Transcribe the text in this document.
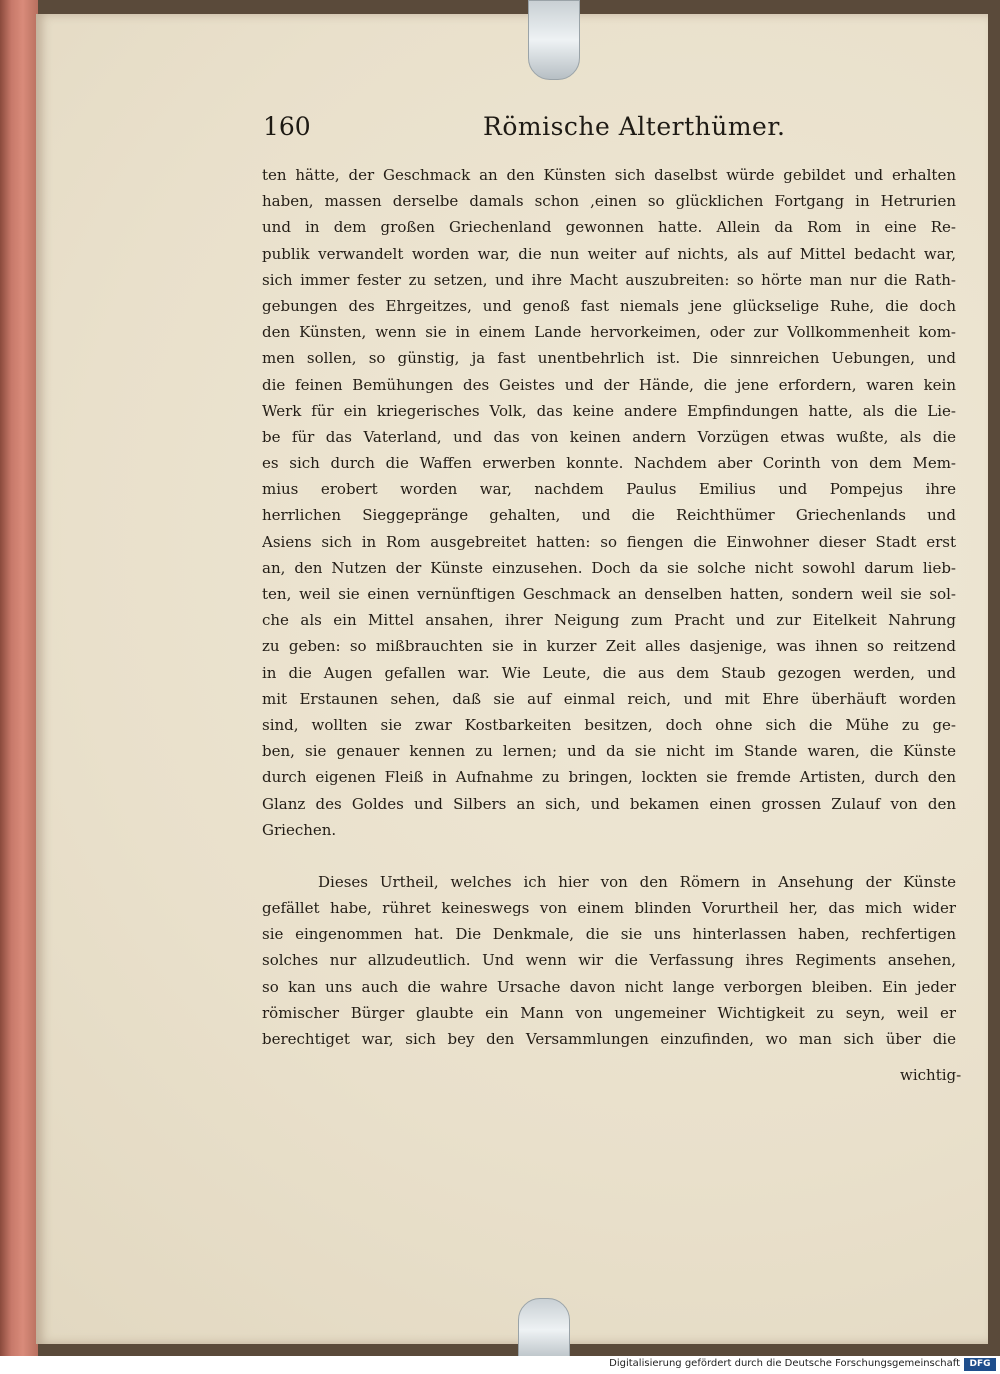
160	Römische Alterthümer.
ten hätte, der Geschmack an den Künsten sich daselbst würde gebildet und erhalten
haben, massen derselbe damals schon ,einen so glücklichen Fortgang in Hetrurien
und in dem großen Griechenland gewonnen hatte. Allein da Rom in eine Re-
publik verwandelt worden war, die nun weiter auf nichts, als auf Mittel bedacht war,
sich immer fester zu setzen, und ihre Macht auszubreiten: so hörte man nur die Rath-
gebungen des Ehrgeitzes, und genoß fast niemals jene glückselige Ruhe, die doch
den Künsten, wenn sie in einem Lande hervorkeimen, oder zur Vollkommenheit kom-
men sollen, so günstig, ja fast unentbehrlich ist. Die sinnreichen Uebungen, und
die feinen Bemühungen des Geistes und der Hände, die jene erfordern, waren kein
Werk für ein kriegerisches Volk, das keine andere Empfindungen hatte, als die Lie-
be für das Vaterland, und das von keinen andern Vorzügen etwas wußte, als die
es sich durch die Waffen erwerben konnte. Nachdem aber Corinth von dem Mem-
mius erobert worden war, nachdem Paulus Emilius und Pompejus ihre
herrlichen Sieggepränge gehalten, und die Reichthümer Griechenlands und
Asiens sich in Rom ausgebreitet hatten: so fiengen die Einwohner dieser Stadt erst
an, den Nutzen der Künste einzusehen. Doch da sie solche nicht sowohl darum lieb-
ten, weil sie einen vernünftigen Geschmack an denselben hatten, sondern weil sie sol-
che als ein Mittel ansahen, ihrer Neigung zum Pracht und zur Eitelkeit Nahrung
zu geben: so mißbrauchten sie in kurzer Zeit alles dasjenige, was ihnen so reitzend
in die Augen gefallen war. Wie Leute, die aus dem Staub gezogen werden, und
mit Erstaunen sehen, daß sie auf einmal reich, und mit Ehre überhäuft worden
sind, wollten sie zwar Kostbarkeiten besitzen, doch ohne sich die Mühe zu ge-
ben, sie genauer kennen zu lernen; und da sie nicht im Stande waren, die Künste
durch eigenen Fleiß in Aufnahme zu bringen, lockten sie fremde Artisten, durch den
Glanz des Goldes und Silbers an sich, und bekamen einen grossen Zulauf von den
Griechen.
Dieses Urtheil, welches ich hier von den Römern in Ansehung der Künste
gefället habe, rühret keineswegs von einem blinden Vorurtheil her, das mich wider
sie eingenommen hat. Die Denkmale, die sie uns hinterlassen haben, rechfertigen
solches nur allzudeutlich. Und wenn wir die Verfassung ihres Regiments ansehen,
so kan uns auch die wahre Ursache davon nicht lange verborgen bleiben. Ein jeder
römischer Bürger glaubte ein Mann von ungemeiner Wichtigkeit zu seyn, weil er
berechtiget war, sich bey den Versammlungen einzufinden, wo man sich über die
wichtig-
Digitalisierung gefördert durch die Deutsche Forschungsgemeinschaft	DFG
